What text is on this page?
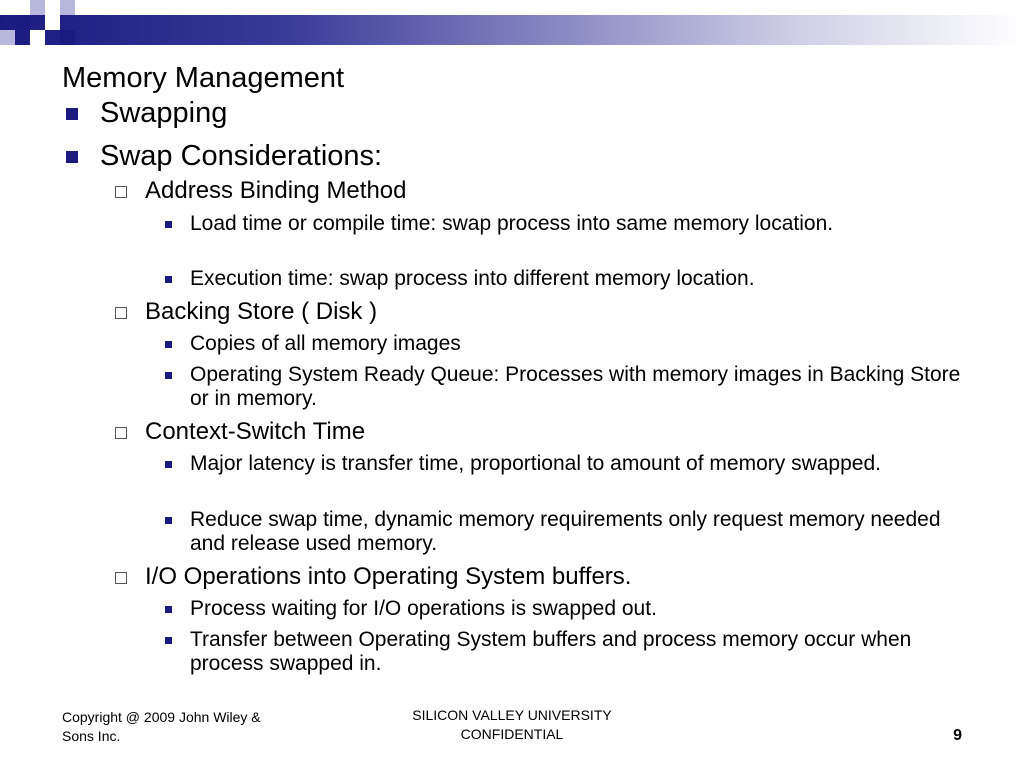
Memory Management
Swapping
Swap Considerations:
Address Binding Method
Load time or compile time: swap process into same memory location.
Execution time: swap process into different memory location.
Backing Store ( Disk )
Copies of all memory images
Operating System Ready Queue: Processes with memory images in Backing Store or in memory.
Context-Switch Time
Major latency is transfer time, proportional to amount of memory swapped.
Reduce swap time, dynamic memory requirements only request memory needed and release used memory.
I/O Operations into Operating System buffers.
Process waiting for I/O operations is swapped out.
Transfer between Operating System buffers and process memory occur when process swapped in.
Copyright @ 2009 John Wiley & Sons Inc.
SILICON VALLEY UNIVERSITY CONFIDENTIAL	9
